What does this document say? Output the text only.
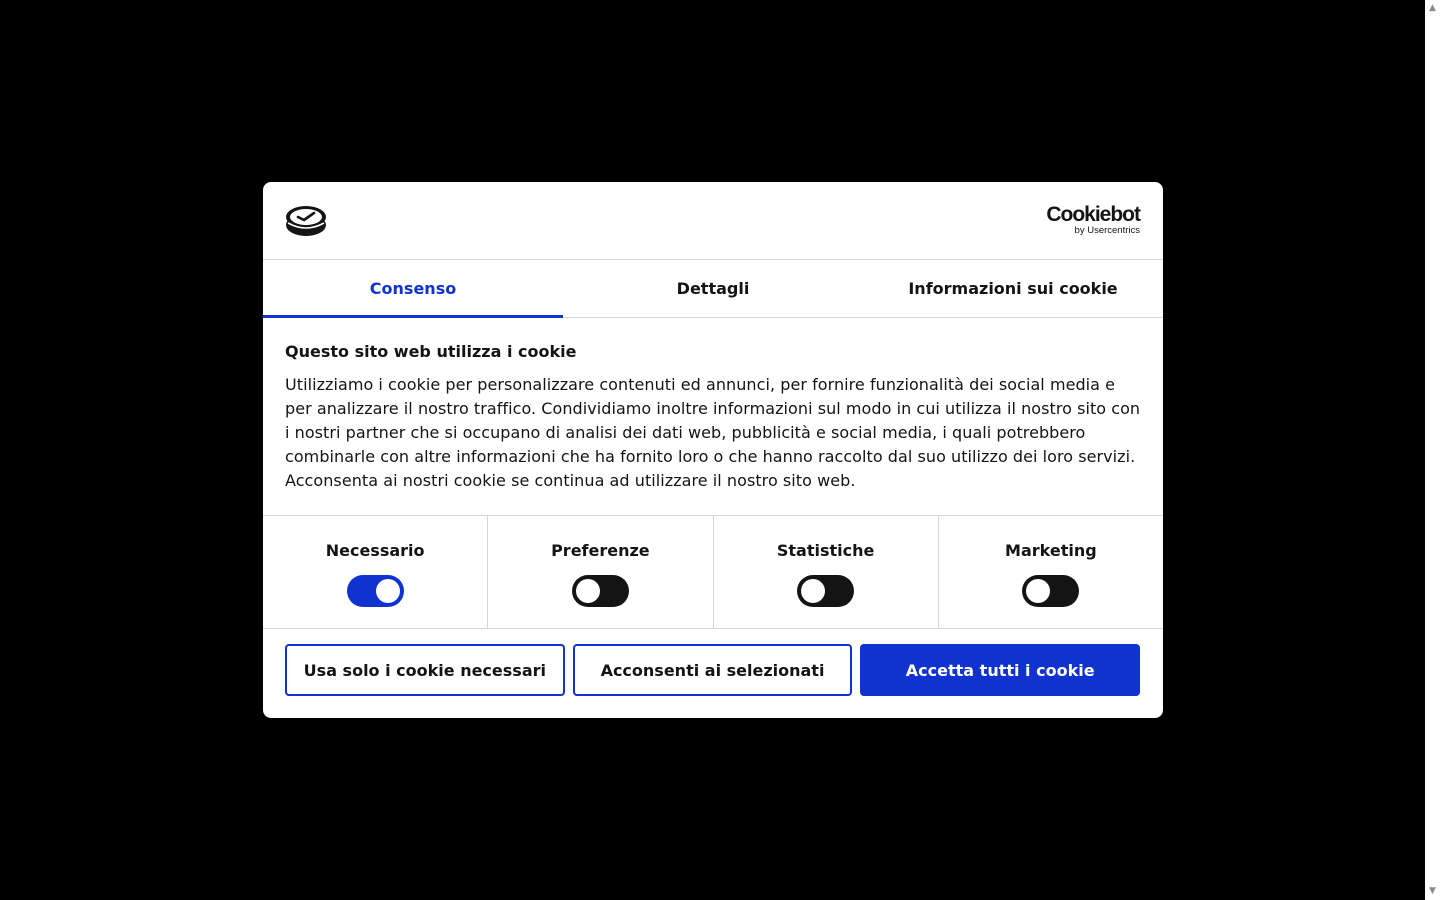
Cookiebot
by Usercentrics
Consenso	Dettagli	Informazioni sui cookie
Questo sito web utilizza i cookie

Utilizziamo i cookie per personalizzare contenuti ed annunci, per fornire funzionalità dei social media e per analizzare il nostro traffico. Condividiamo inoltre informazioni sul modo in cui utilizza il nostro sito con i nostri partner che si occupano di analisi dei dati web, pubblicità e social media, i quali potrebbero combinarle con altre informazioni che ha fornito loro o che hanno raccolto dal suo utilizzo dei loro servizi. Acconsenta ai nostri cookie se continua ad utilizzare il nostro sito web.

Necessario	Preferenze	Statistiche	Marketing
Usa solo i cookie necessari	Acconsenti ai selezionati	Accetta tutti i cookie
▲
▼
